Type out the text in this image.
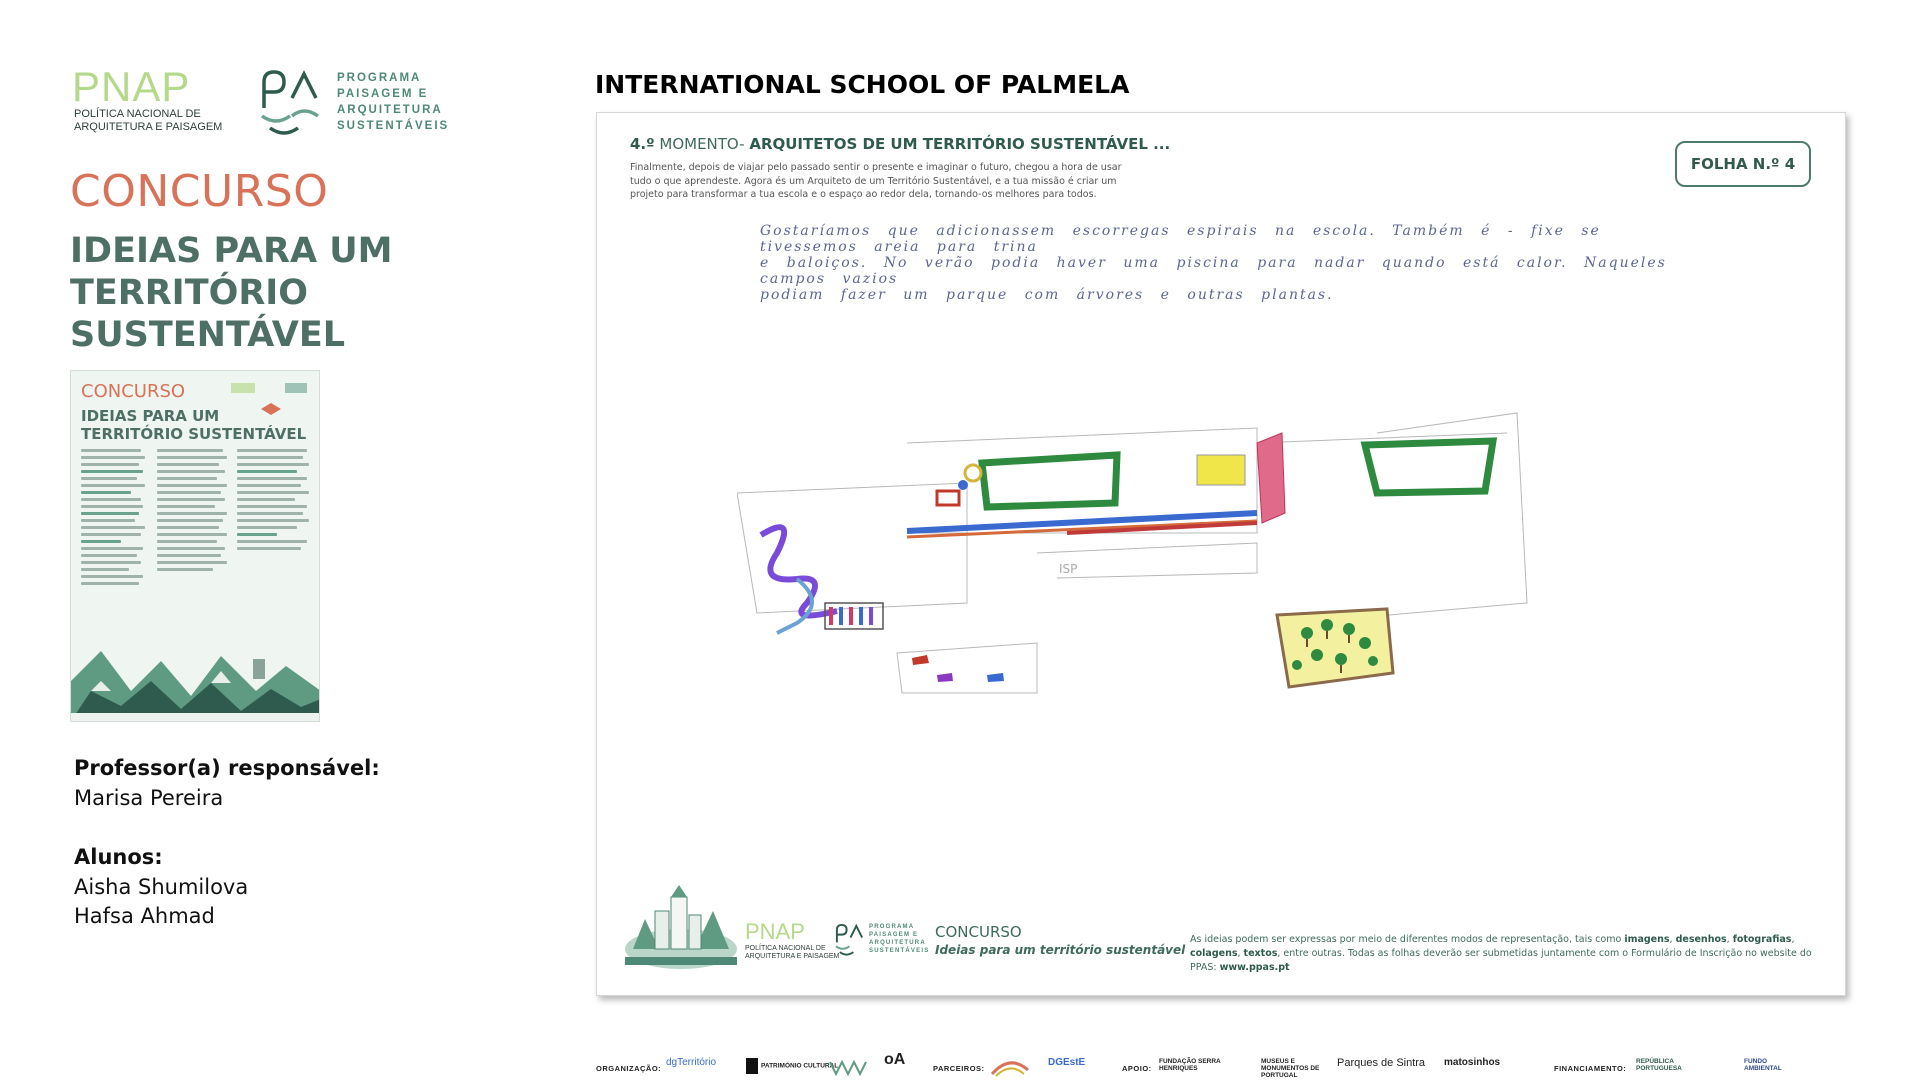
PNAP
POLÍTICA NACIONAL DE
ARQUITETURA E PAISAGEM
PROGRAMA
PAISAGEM E
ARQUITETURA
SUSTENTÁVEIS
CONCURSO
IDEIAS PARA UM
TERRITÓRIO
SUSTENTÁVEL
CONCURSO
IDEIAS PARA UM
TERRITÓRIO SUSTENTÁVEL
Professor(a) responsável:
Marisa Pereira
Alunos:
Aisha Shumilova
Hafsa Ahmad
INTERNATIONAL SCHOOL OF PALMELA
4.º MOMENTO- ARQUITETOS DE UM TERRITÓRIO SUSTENTÁVEL ...
Finalmente, depois de viajar pelo passado sentir o presente e imaginar o futuro, chegou a hora de usar tudo o que aprendeste. Agora és um Arquiteto de um Território Sustentável, e a tua missão é criar um projeto para transformar a tua escola e o espaço ao redor dela, tornando-os melhores para todos.
FOLHA N.º 4
Gostaríamos que adicionassem escorregas espirais na escola. Também é - fixe se tivessemos areia para trina
e baloiços. No verão podia haver uma piscina para nadar quando está calor. Naqueles campos vazios
podiam fazer um parque com árvores e outras plantas.
ISP
PNAP
POLÍTICA NACIONAL DE
ARQUITETURA E PAISAGEM
PROGRAMA
PAISAGEM E
ARQUITETURA
SUSTENTÁVEIS
CONCURSO
Ideias para um território sustentável
As ideias podem ser expressas por meio de diferentes modos de representação, tais como imagens, desenhos, fotografias, colagens, textos, entre outras. Todas as folhas deverão ser submetidas juntamente com o Formulário de Inscrição no website do PPAS: www.ppas.pt
ORGANIZAÇÃO:
dgTerritório	PATRIMÓNIO CULTURAL	oA
PARCEIROS:
DGEstE
APOIO:
FUNDAÇÃO SERRA HENRIQUES
MUSEUS E MONUMENTOS DE PORTUGAL
Parques de Sintra matosinhos
FINANCIAMENTO:
REPÚBLICA PORTUGUESA
FUNDO AMBIENTAL
